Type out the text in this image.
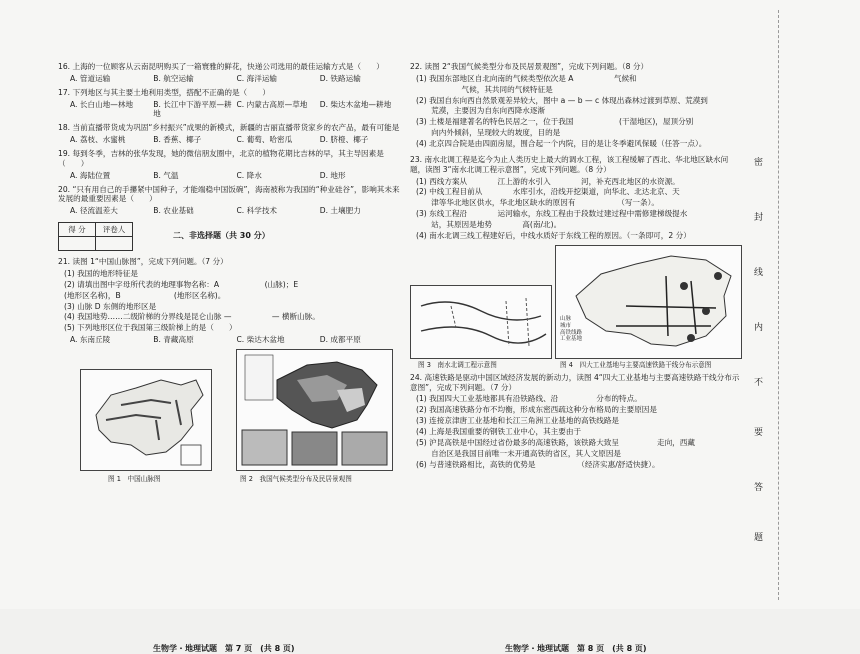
16. 上海的一位顾客从云南昆明购买了一箱寰雅的鲜花，快递公司选用的最佳运输方式是（　　）
A. 管道运输	B. 航空运输	C. 海洋运输	D. 铁路运输
17. 下列地区与其主要土地利用类型，搭配不正确的是（　　）
A. 长白山地—林地	B. 长江中下游平原—耕地
C. 内蒙古高原—草地	D. 柴达木盆地—耕地
18. 当前直播带货成为巩固“乡村振兴”成果的新模式，新疆的吉丽直播带货家乡的农产品，最有可能是
A. 荔枝、水蜜桃	B. 香蕉、椰子	C. 葡萄、哈密瓜	D. 脐橙、椰子
19. 每到冬季，吉林的张华发现，她的微信朋友圈中，北京的植物花期比吉林的早，其主导因素是（　　）
A. 海陆位置	B. 气温	C. 降水	D. 地形
20. “只有用自己的手攥紧中国种子，才能端稳中国饭碗”，海南被称为我国的“种业硅谷”，影响其未来发展的最重要因素是（　　）
A. 径流温差大	B. 农业基础	C. 科学技术	D. 土壤肥力
得 分	评卷人

二、非选择题（共 30 分）
21. 读图 1“中国山脉图”，完成下列问题。（7 分）
(1) 我国的地形特征是
(2) 请填出图中字母所代表的地理事物名称：A　　　　　　(山脉)；E
(地形区名称)，B　　　　　　　(地形区名称)。
(3) 山脉 D 东侧的地形区是
(4) 我国地势……二级阶梯的分界线是昆仑山脉 —　　　　　 — 横断山脉。
(5) 下列地形区位于我国第三级阶梯上的是（　　）
A. 东南丘陵	B. 青藏高原	C. 柴达木盆地	D. 成都平原
图 1　中国山脉图	图 2　我国气候类型分布及民居景观图
生物学・地理试题　第 7 页　(共 8 页)
22. 读图 2“我国气候类型分布及民居景观图”，完成下列问题。（8 分）
(1) 我国东部地区自北向南的气候类型依次是 A　　　　　 气候和
　　　　　　气候，其共同的气候特征是
(2) 我国自东向西自然景观差异较大，图中 a — b — c 体现出森林过渡到草原、荒漠到
　　荒漠，主要因为自东向西降水逐渐
(3) 土楼是福建著名的特色民居之一，位于我国　　　　　　(干湿地区)，屋顶分别
　　向内外倾斜，呈现较大的坡度，目的是
(4) 北京四合院是由四面房屋，围合起一个内院，目的是让冬季避风保暖（任答一点）。
23. 南水北调工程是迄今为止人类历史上最大的调水工程，该工程缓解了西北、华北地区缺水问题，读图 3“南水北调工程示意图”，完成下列问题。（8 分）
(1) 西线方案从　　　　江上游的水引入　　　　河，补充西北地区的水资源。
(2) 中线工程目前从　　　　水库引水，沿线开挖渠道，向华北、北达北京、天
　　津等华北地区供水，华北地区缺水的原因有　　　　　　（写一条）。
(3) 东线工程沿　　　　运河输水，东线工程由于段数过建过程中需修建梯级提水
　　站，其原因是地势　　　　高(南/北)。
(4) 南水北调三线工程建好后，中线水质好于东线工程的原因。（一条即可，2 分）
图 3　南水北调工程示意图
山脉
城市
高铁线路
工业基地
图 4　四大工业基地与主要高速铁路干线分布示意图
24. 高速铁路是驱动中国区域经济发展的新动力，读图 4“四大工业基地与主要高速铁路干线分布示意图”，完成下列问题。（7 分）
(1) 我国四大工业基地都具有沿铁路线、沿　　　　　分布的特点。
(2) 我国高速铁路分布不均衡，形成东密西疏这种分布格局的主要原因是
(3) 连接京津唐工业基地和长江三角洲工业基地的高铁线路是
(4) 上海是我国重要的钢铁工业中心，其主要由于
(5) 沪昆高铁是中国经过省份最多的高速铁路，该铁路大致呈　　　　　走向，西藏
　　自治区是我国目前唯一未开通高铁的省区，其人文原因是
(6) 与普速铁路相比，高铁的优势是　　　　　　（经济实惠/舒适快捷）。
生物学・地理试题　第 8 页　(共 8 页)
密
封
线
内
不
要
答
题
